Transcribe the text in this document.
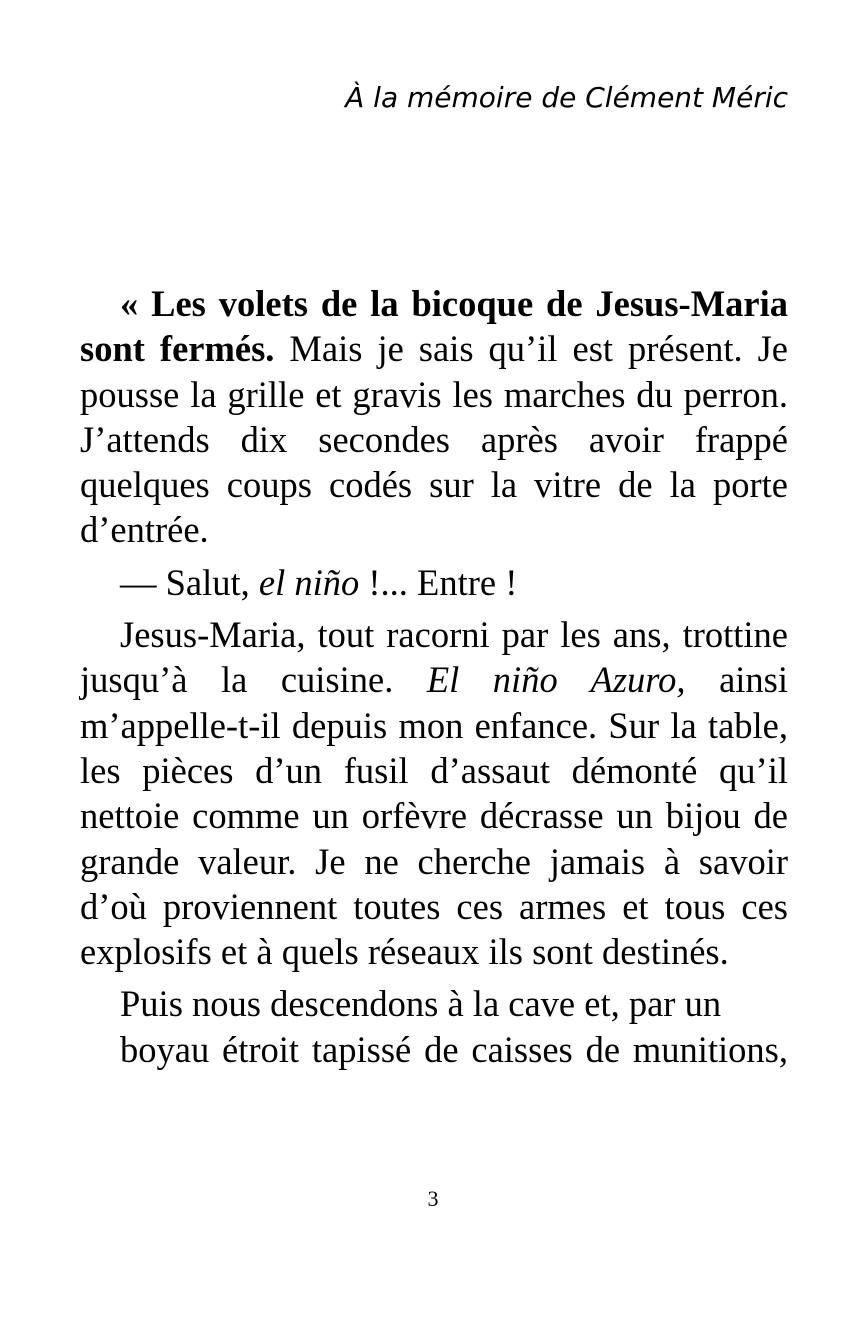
À la mémoire de Clément Méric

« Les volets de la bicoque de Jesus-Maria sont fermés. Mais je sais qu’il est présent. Je pousse la grille et gravis les marches du perron. J’attends dix secondes après avoir frappé quelques coups codés sur la vitre de la porte d’entrée.

— Salut, el niño !... Entre !

Jesus-Maria, tout racorni par les ans, trottine jusqu’à la cuisine. El niño Azuro, ainsi m’appelle-t-il depuis mon enfance. Sur la table, les pièces d’un fusil d’assaut démonté qu’il nettoie comme un orfèvre décrasse un bijou de grande valeur. Je ne cherche jamais à savoir d’où proviennent toutes ces armes et tous ces explosifs et à quels réseaux ils sont destinés.

Puis nous descendons à la cave et, par un
boyau étroit tapissé de caisses de munitions,

3
